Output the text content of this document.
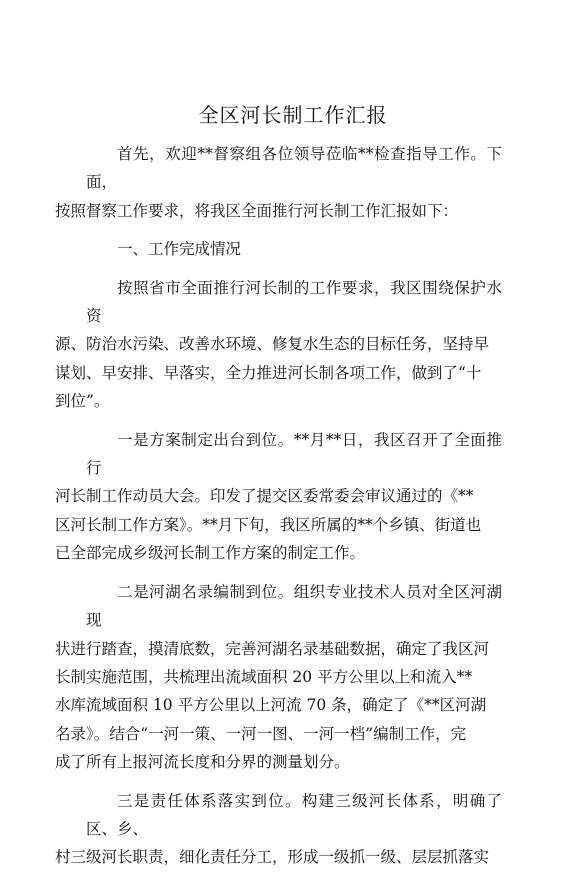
全区河长制工作汇报
首先，欢迎**督察组各位领导莅临**检查指导工作。下面，
按照督察工作要求，将我区全面推行河长制工作汇报如下：
一、工作完成情况
按照省市全面推行河长制的工作要求，我区围绕保护水资
源、防治水污染、改善水环境、修复水生态的目标任务，坚持早
谋划、早安排、早落实，全力推进河长制各项工作，做到了“十
到位”。
一是方案制定出台到位。**月**日，我区召开了全面推行
河长制工作动员大会。印发了提交区委常委会审议通过的《**
区河长制工作方案》。**月下旬，我区所属的**个乡镇、街道也
已全部完成乡级河长制工作方案的制定工作。
二是河湖名录编制到位。组织专业技术人员对全区河湖现
状进行踏查，摸清底数，完善河湖名录基础数据，确定了我区河
长制实施范围，共梳理出流域面积 20 平方公里以上和流入**
水库流域面积 10 平方公里以上河流 70 条，确定了《**区河湖
名录》。结合“一河一策、一河一图、一河一档”编制工作，完
成了所有上报河流长度和分界的测量划分。
三是责任体系落实到位。构建三级河长体系，明确了区、乡、
村三级河长职责，细化责任分工，形成一级抓一级、层层抓落实
